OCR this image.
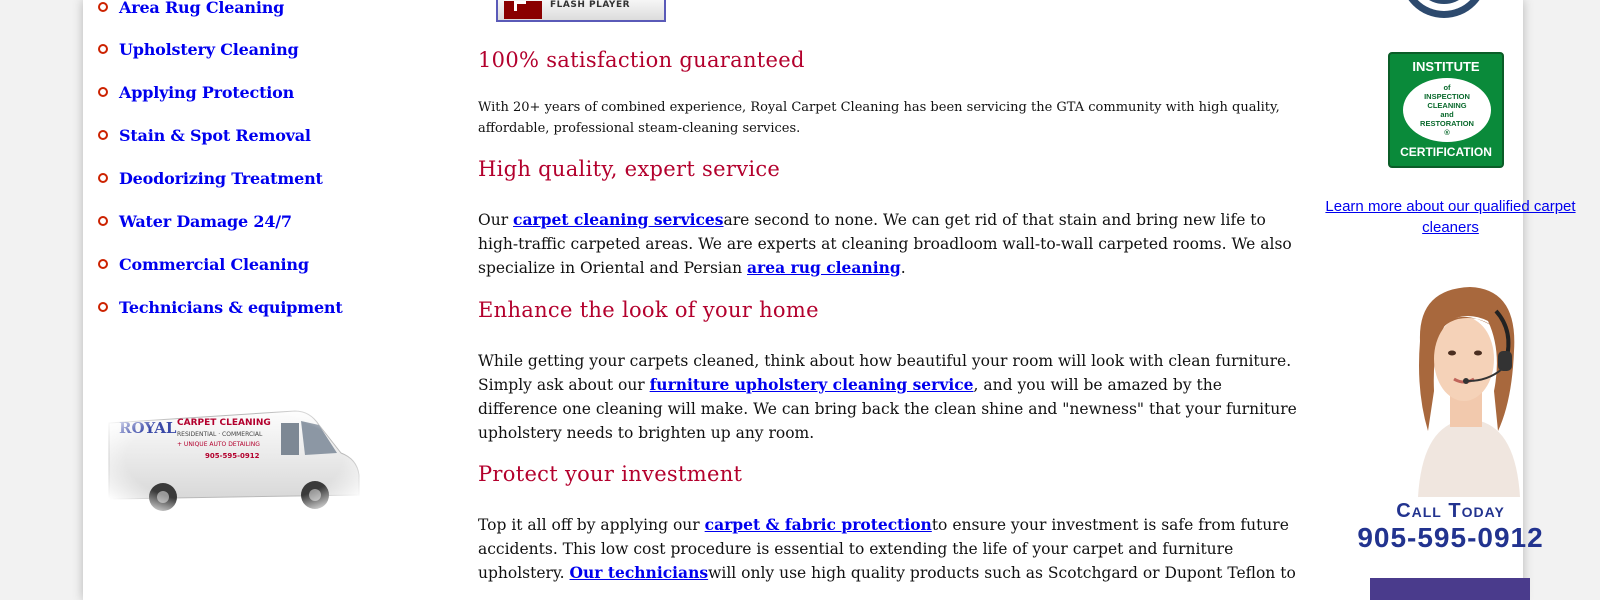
Area Rug Cleaning
Upholstery Cleaning
Applying Protection
Stain & Spot Removal
Deodorizing Treatment
Water Damage 24/7
Commercial Cleaning
Technicians & equipment
FLASH PLAYER
100% satisfaction guaranteed

With 20+ years of combined experience, Royal Carpet Cleaning has been servicing the GTA community with high quality, affordable, professional steam-cleaning services.

High quality, expert service

Our carpet cleaning servicesare second to none. We can get rid of that stain and bring new life to high-traffic carpeted areas. We are experts at cleaning broadloom wall-to-wall carpeted rooms. We also specialize in Oriental and Persian area rug cleaning.

Enhance the look of your home

While getting your carpets cleaned, think about how beautiful your room will look with clean furniture. Simply ask about our furniture upholstery cleaning service, and you will be amazed by the difference one cleaning will make. We can bring back the clean shine and "newness" that your furniture upholstery needs to brighten up any room.

Protect your investment

Top it all off by applying our carpet & fabric protectionto ensure your investment is safe from future accidents. This low cost procedure is essential to extending the life of your carpet and furniture upholstery. Our technicianswill only use high quality products such as Scotchgard or Dupont Teflon to

INSTITUTE
of
INSPECTION
CLEANING
and
RESTORATION
®
CERTIFICATION
Learn more about our qualified carpet cleaners
Call Today
905-595-0912
